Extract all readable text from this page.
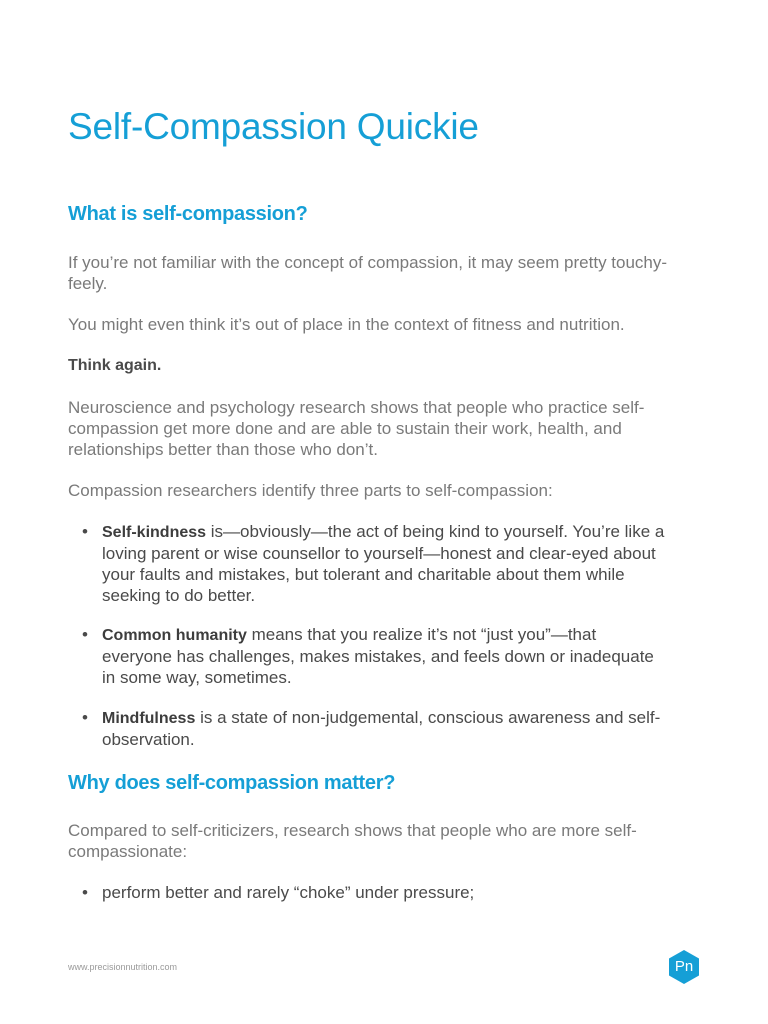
Self-Compassion Quickie
What is self-compassion?

If you’re not familiar with the concept of compassion, it may seem pretty touchy-feely.

You might even think it’s out of place in the context of fitness and nutrition.

Think again.

Neuroscience and psychology research shows that people who practice self-compassion get more done and are able to sustain their work, health, and relationships better than those who don’t.

Compassion researchers identify three parts to self-compassion:

• Self-kindness is—obviously—the act of being kind to yourself. You’re like a loving parent or wise counsellor to yourself—honest and clear-eyed about your faults and mistakes, but tolerant and charitable about them while seeking to do better.
• Common humanity means that you realize it’s not “just you”—that everyone has challenges, makes mistakes, and feels down or inadequate in some way, sometimes.
• Mindfulness is a state of non-judgemental, conscious awareness and self-observation.
Why does self-compassion matter?

Compared to self-criticizers, research shows that people who are more self-compassionate:

• perform better and rarely “choke” under pressure;
www.precisionnutrition.com	Pn
